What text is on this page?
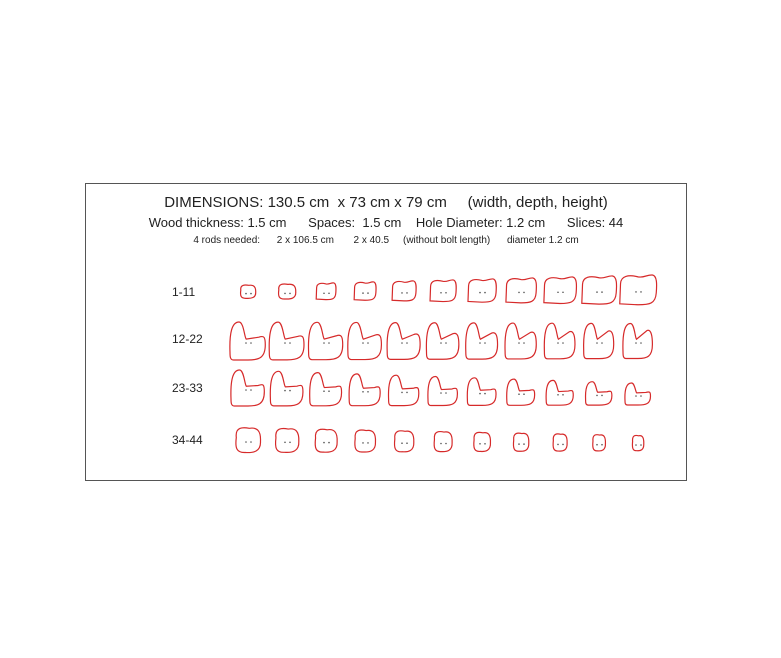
DIMENSIONS: 130.5 cm  x 73 cm x 79 cm (width, depth, height)
Wood thickness: 1.5 cm Spaces:  1.5 cm Hole Diameter: 1.2 cm Slices: 44
4 rods needed: 2 x 106.5 cm 2 x 40.5 (without bolt length) diameter 1.2 cm
1-11
12-22
23-33
34-44
